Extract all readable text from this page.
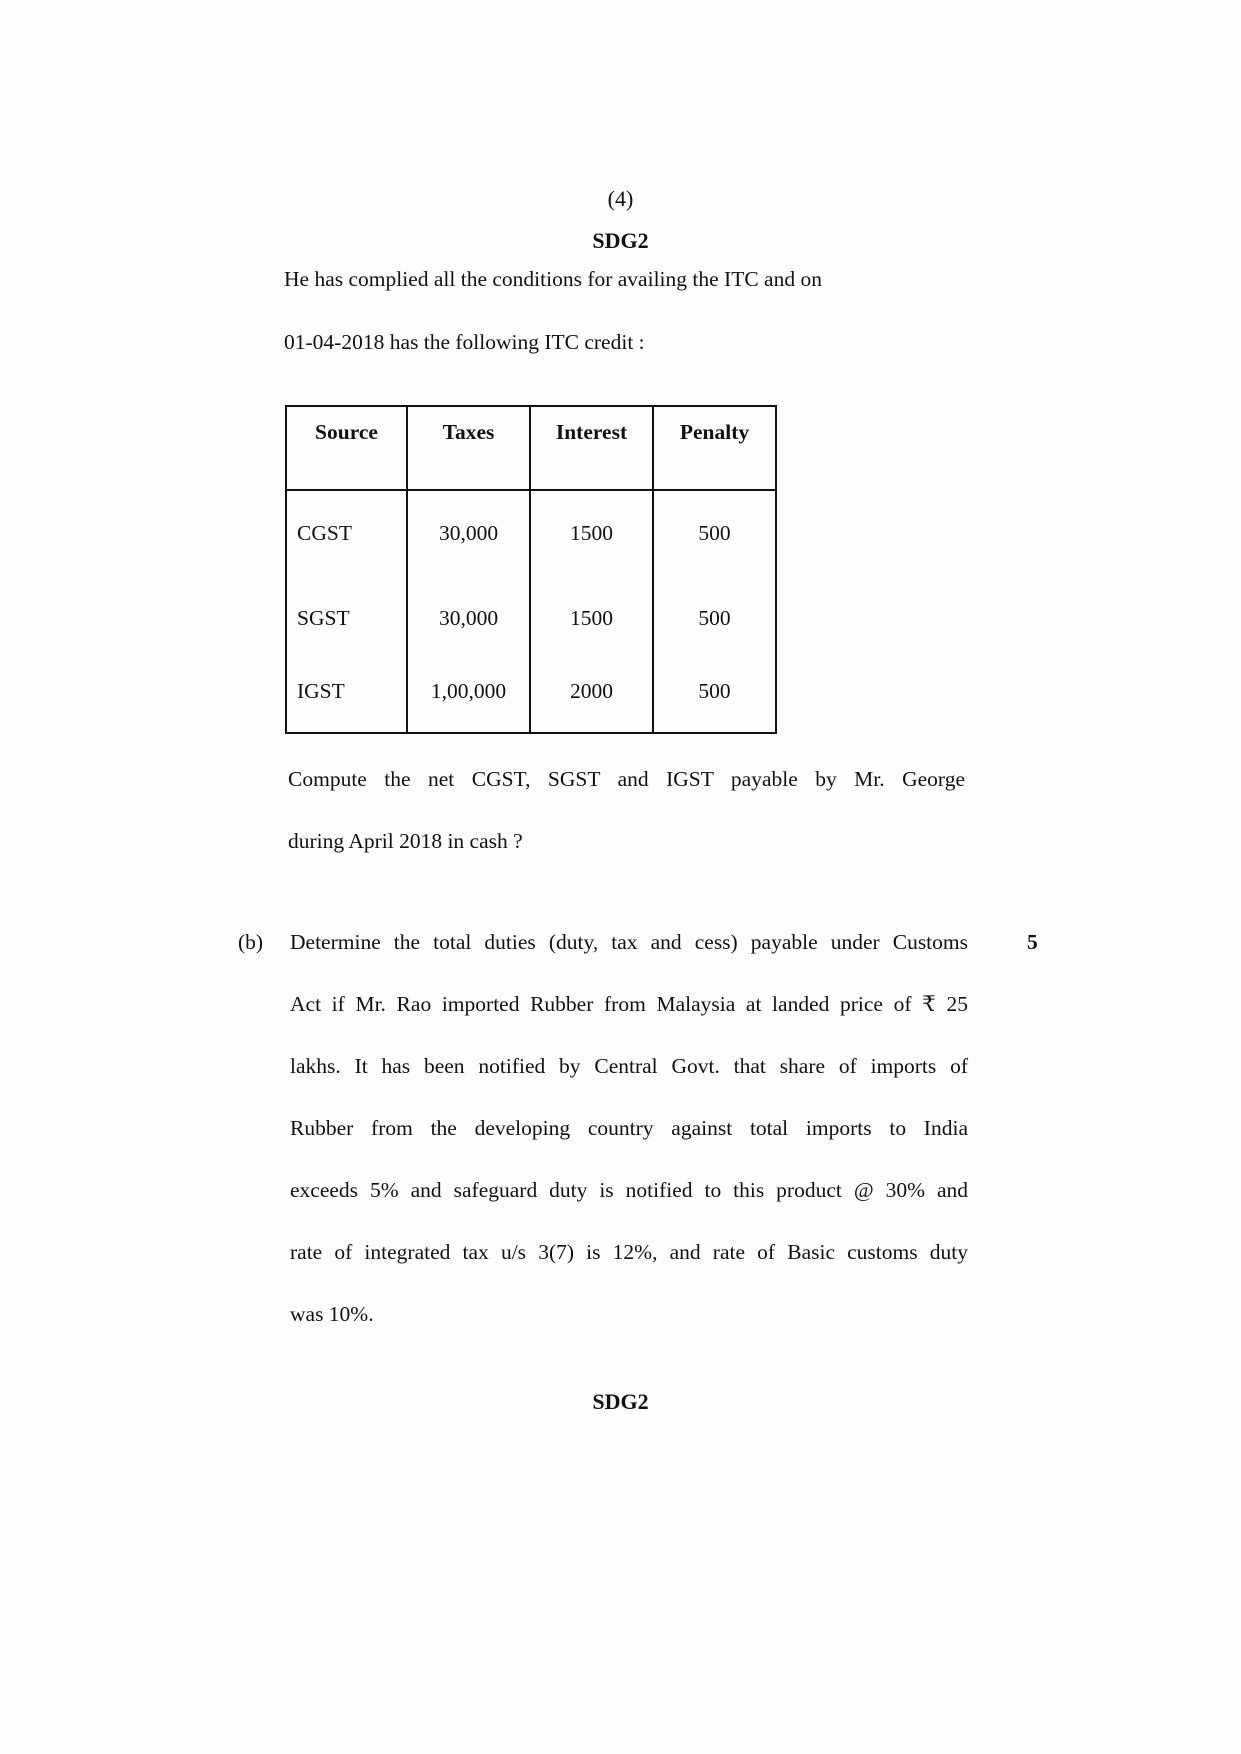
(4)
SDG2
He has complied all the conditions for availing the ITC and on
01-04-2018 has the following ITC credit :
Source	Taxes	Interest	Penalty
CGST	30,000	1500	500
SGST	30,000	1500	500
IGST	1,00,000	2000	500
Compute the net CGST, SGST and IGST payable by Mr. George
during April 2018 in cash ?
(b)	5
Determine the total duties (duty, tax and cess) payable under Customs
Act if Mr. Rao imported Rubber from Malaysia at landed price of ₹ 25
lakhs. It has been notified by Central Govt. that share of imports of
Rubber from the developing country against total imports to India
exceeds 5% and safeguard duty is notified to this product @ 30% and
rate of integrated tax u/s 3(7) is 12%, and rate of Basic customs duty
was 10%.
SDG2
